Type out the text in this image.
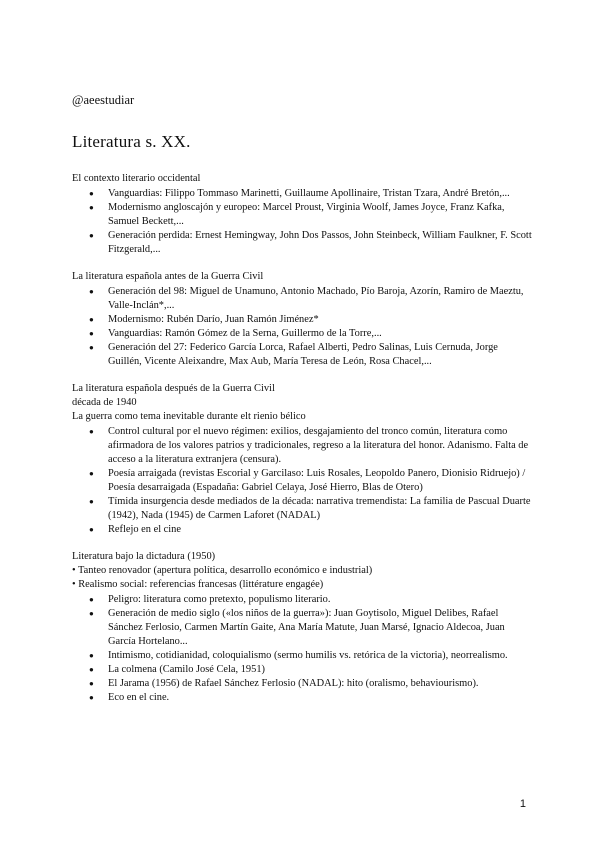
@aeestudiar

Literatura s. XX.

El contexto literario occidental

● Vanguardias: Filippo Tommaso Marinetti, Guillaume Apollinaire, Tristan Tzara, André Bretón,...
● Modernismo angloscajón y europeo: Marcel Proust, Virginia Woolf, James Joyce, Franz Kafka, Samuel Beckett,...
● Generación perdida: Ernest Hemingway, John Dos Passos, John Steinbeck, William Faulkner, F. Scott Fitzgerald,...

La literatura española antes de la Guerra Civil

● Generación del 98: Miguel de Unamuno, Antonio Machado, Pío Baroja, Azorín, Ramiro de Maeztu, Valle-Inclán*,...
● Modernismo: Rubén Darío, Juan Ramón Jiménez*
● Vanguardias: Ramón Gómez de la Serna, Guillermo de la Torre,...
● Generación del 27: Federico García Lorca, Rafael Alberti, Pedro Salinas, Luis Cernuda, Jorge Guillén, Vicente Aleixandre, Max Aub, María Teresa de León, Rosa Chacel,...

La literatura española después de la Guerra Civil

década de 1940

La guerra como tema inevitable durante elt rienio bélico

● Control cultural por el nuevo régimen: exilios, desgajamiento del tronco común, literatura como afirmadora de los valores patrios y tradicionales, regreso a la literatura del honor. Adanismo. Falta de acceso a la literatura extranjera (censura).
● Poesía arraigada (revistas Escorial y Garcilaso: Luis Rosales, Leopoldo Panero, Dionisio Ridruejo) / Poesía desarraigada (Espadaña: Gabriel Celaya, José Hierro, Blas de Otero)
● Tímida insurgencia desde mediados de la década: narrativa tremendista: La familia de Pascual Duarte (1942), Nada (1945) de Carmen Laforet (NADAL)
● Reflejo en el cine

Literatura bajo la dictadura (1950)

• Tanteo renovador (apertura política, desarrollo económico e industrial)

• Realismo social: referencias francesas (littérature engagée)

● Peligro: literatura como pretexto, populismo literario.
● Generación de medio siglo («los niños de la guerra»): Juan Goytisolo, Miguel Delibes, Rafael Sánchez Ferlosio, Carmen Martín Gaite, Ana María Matute, Juan Marsé, Ignacio Aldecoa, Juan García Hortelano...
● Intimismo, cotidianidad, coloquialismo (sermo humilis vs. retórica de la victoria), neorrealismo.
● La colmena (Camilo José Cela, 1951)
● El Jarama (1956) de Rafael Sánchez Ferlosio (NADAL): hito (oralismo, behaviourismo).
● Eco en el cine.
1
